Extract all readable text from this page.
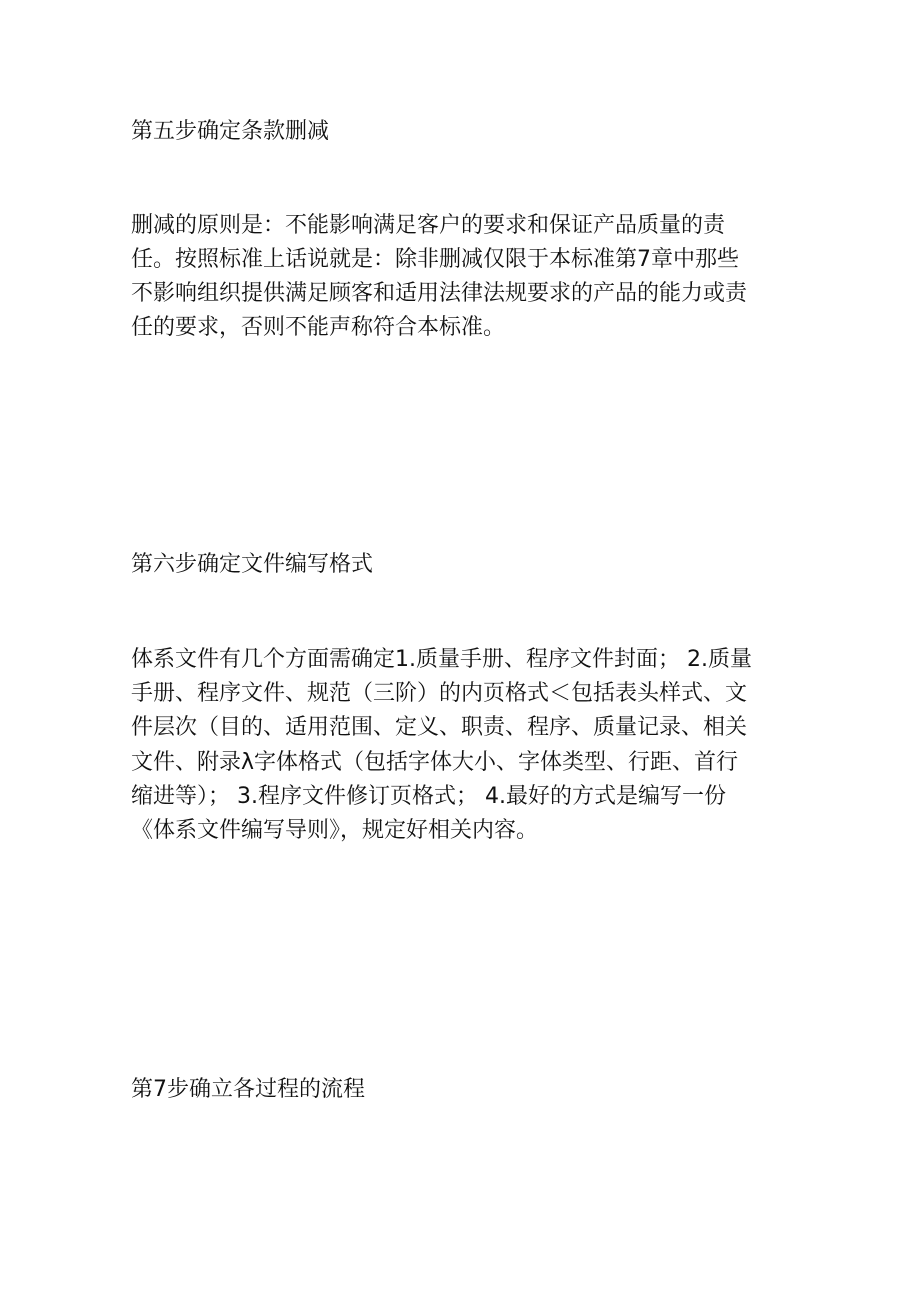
第五步确定条款删减
删减的原则是：不能影响满足客户的要求和保证产品质量的责
任。按照标准上话说就是：除非删减仅限于本标准第7章中那些
不影响组织提供满足顾客和适用法律法规要求的产品的能力或责
任的要求，否则不能声称符合本标准。
第六步确定文件编写格式
体系文件有几个方面需确定1.质量手册、程序文件封面； 2.质量
手册、程序文件、规范（三阶）的内页格式＜包括表头样式、文
件层次（目的、适用范围、定义、职责、程序、质量记录、相关
文件、附录λ字体格式（包括字体大小、字体类型、行距、首行
缩进等）； 3.程序文件修订页格式； 4.最好的方式是编写一份
《体系文件编写导则》，规定好相关内容。
第7步确立各过程的流程
